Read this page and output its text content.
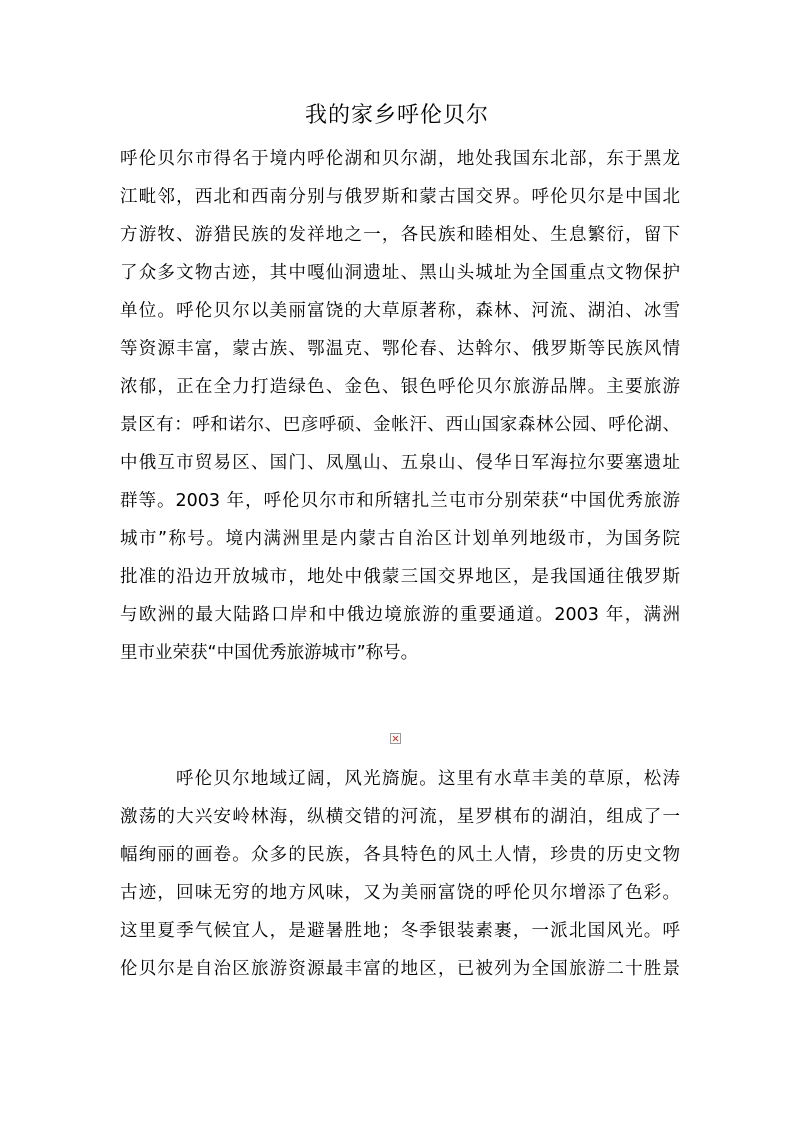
我的家乡呼伦贝尔
呼伦贝尔市得名于境内呼伦湖和贝尔湖，地处我国东北部，东于黑龙
江毗邻，西北和西南分别与俄罗斯和蒙古国交界。呼伦贝尔是中国北
方游牧、游猎民族的发祥地之一，各民族和睦相处、生息繁衍，留下
了众多文物古迹，其中嘎仙洞遗址、黑山头城址为全国重点文物保护
单位。呼伦贝尔以美丽富饶的大草原著称，森林、河流、湖泊、冰雪
等资源丰富，蒙古族、鄂温克、鄂伦春、达斡尔、俄罗斯等民族风情
浓郁，正在全力打造绿色、金色、银色呼伦贝尔旅游品牌。主要旅游
景区有：呼和诺尔、巴彦呼硕、金帐汗、西山国家森林公园、呼伦湖、
中俄互市贸易区、国门、凤凰山、五泉山、侵华日军海拉尔要塞遗址
群等。2003 年，呼伦贝尔市和所辖扎兰屯市分别荣获“中国优秀旅游
城市”称号。境内满洲里是内蒙古自治区计划单列地级市，为国务院
批准的沿边开放城市，地处中俄蒙三国交界地区，是我国通往俄罗斯
与欧洲的最大陆路口岸和中俄边境旅游的重要通道。2003 年，满洲
里市业荣获“中国优秀旅游城市”称号。
呼伦贝尔地域辽阔，风光旖旎。这里有水草丰美的草原，松涛
激荡的大兴安岭林海，纵横交错的河流，星罗棋布的湖泊，组成了一
幅绚丽的画卷。众多的民族，各具特色的风土人情，珍贵的历史文物
古迹，回味无穷的地方风味，又为美丽富饶的呼伦贝尔增添了色彩。
这里夏季气候宜人，是避暑胜地；冬季银装素裹，一派北国风光。呼
伦贝尔是自治区旅游资源最丰富的地区，已被列为全国旅游二十胜景
